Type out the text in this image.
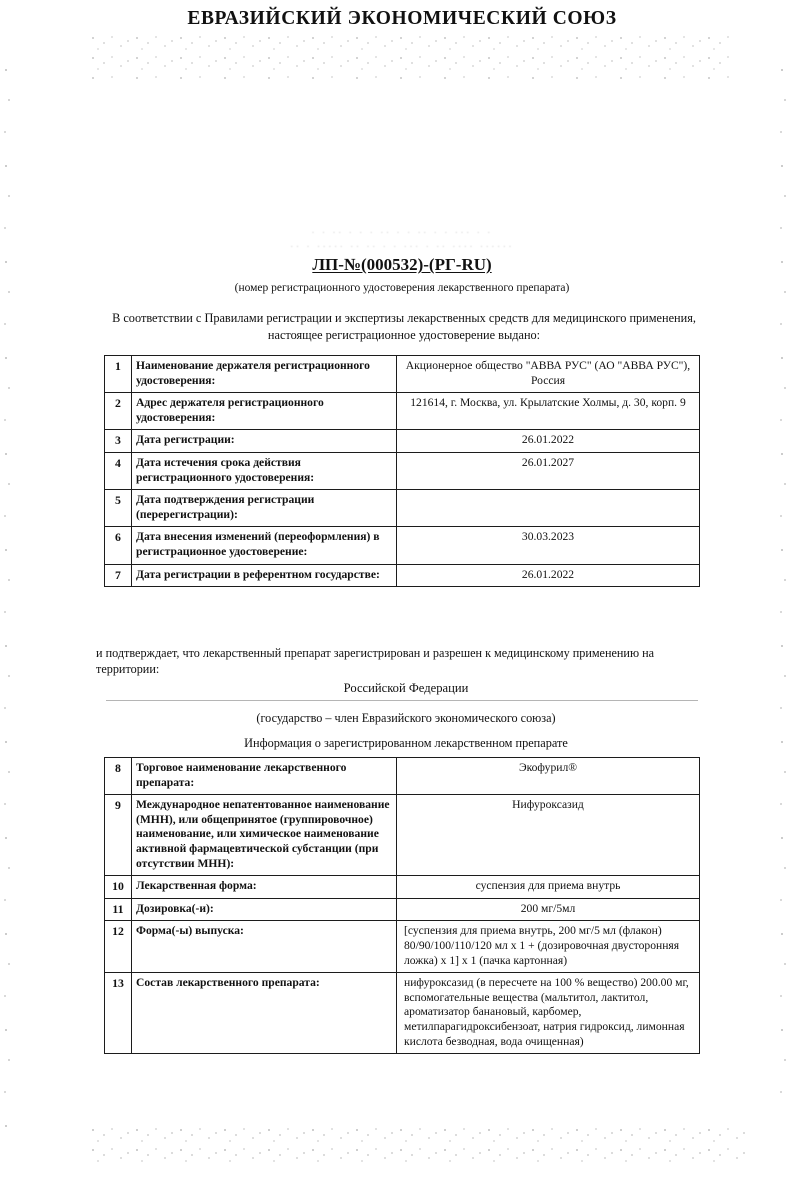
ЕВРАЗИЙСКИЙ ЭКОНОМИЧЕСКИЙ СОЮЗ
· · ·· · · · ·· · · ·· · · ··· · ·
·· · ····· ·· ·· · · ··· · ·· ···· ······
ЛП-№(000532)-(РГ-RU)
(номер регистрационного удостоверения лекарственного препарата)
В соответствии с Правилами регистрации и экспертизы лекарственных средств для медицинского применения, настоящее регистрационное удостоверение выдано:
1	Наименование держателя регистрационного удостоверения:	Акционерное общество "АВВА РУС" (АО "АВВА РУС"), Россия
2	Адрес держателя регистрационного удостоверения:	121614, г. Москва, ул. Крылатские Холмы, д. 30, корп. 9
3	Дата регистрации:	26.01.2022
4	Дата истечения срока действия регистрационного удостоверения:	26.01.2027
5	Дата подтверждения регистрации (перерегистрации):	
6	Дата внесения изменений (переоформления) в регистрационное удостоверение:	30.03.2023
7	Дата регистрации в референтном государстве:	26.01.2022
и подтверждает, что лекарственный препарат зарегистрирован и разрешен к медицинскому применению на территории:
Российской Федерации
(государство – член Евразийского экономического союза)
Информация о зарегистрированном лекарственном препарате
8	Торговое наименование лекарственного препарата:	Экофурил®
9	Международное непатентованное наименование (МНН), или общепринятое (группировочное) наименование, или химическое наименование активной фармацевтической субстанции (при отсутствии МНН):	Нифуроксазид
10	Лекарственная форма:	суспензия для приема внутрь
11	Дозировка(-и):	200 мг/5мл
12	Форма(-ы) выпуска:	[суспензия для приема внутрь, 200 мг/5 мл (флакон) 80/90/100/110/120 мл х 1 + (дозировочная двусторонняя ложка) х 1] х 1 (пачка картонная)
13	Состав лекарственного препарата:	нифуроксазид (в пересчете на 100 % вещество) 200.00 мг, вспомогательные вещества (мальтитол, лактитол, ароматизатор банановый, карбомер, метилпарагидроксибензоат, натрия гидроксид, лимонная кислота безводная, вода очищенная)
